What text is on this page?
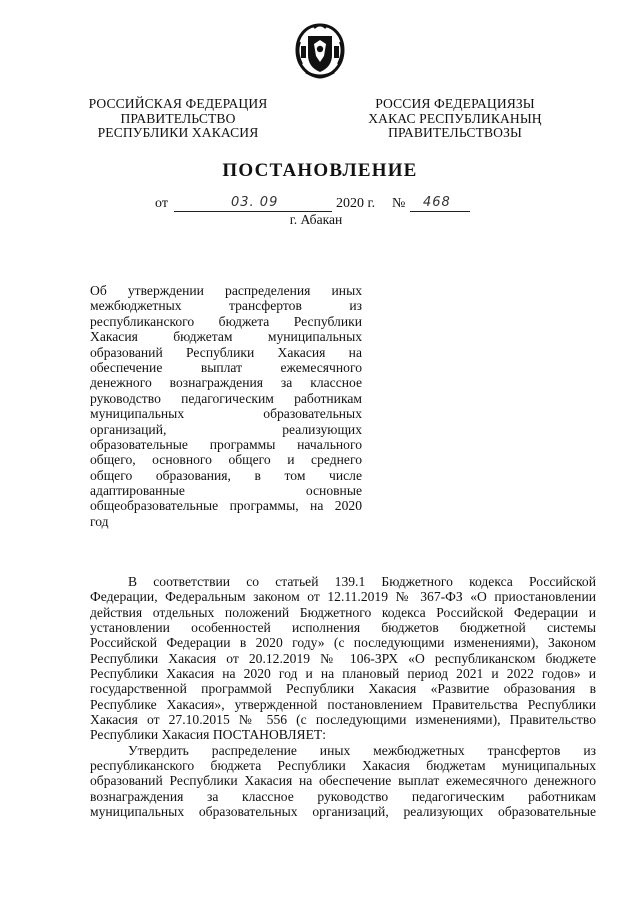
РОССИЙСКАЯ ФЕДЕРАЦИЯ
ПРАВИТЕЛЬСТВО
РЕСПУБЛИКИ ХАКАСИЯ
РОССИЯ ФЕДЕРАЦИЯЗЫ
ХАКАС РЕСПУБЛИКАНЫҢ
ПРАВИТЕЛЬСТВОЗЫ
ПОСТАНОВЛЕНИЕ
от	03. 09	2020 г. № 468
г. Абакан
Об утверждении распределения иных
межбюджетных трансфертов из
республиканского бюджета Республики
Хакасия бюджетам муниципальных
образований Республики Хакасия на
обеспечение выплат ежемесячного
денежного вознаграждения за классное
руководство педагогическим работникам
муниципальных образовательных
организаций, реализующих
образовательные программы начального
общего, основного общего и среднего
общего образования, в том числе
адаптированные основные
общеобразовательные программы, на 2020
год
В соответствии со статьей 139.1 Бюджетного кодекса Российской
Федерации, Федеральным законом от 12.11.2019 № 367-ФЗ «О приостановлении
действия отдельных положений Бюджетного кодекса Российской Федерации и
установлении особенностей исполнения бюджетов бюджетной системы
Российской Федерации в 2020 году» (с последующими изменениями), Законом
Республики Хакасия от 20.12.2019 № 106-ЗРХ «О республиканском бюджете
Республики Хакасия на 2020 год и на плановый период 2021 и 2022 годов» и
государственной программой Республики Хакасия «Развитие образования в
Республике Хакасия», утвержденной постановлением Правительства Республики
Хакасия от 27.10.2015 № 556 (с последующими изменениями), Правительство
Республики Хакасия ПОСТАНОВЛЯЕТ:
Утвердить распределение иных межбюджетных трансфертов из
республиканского бюджета Республики Хакасия бюджетам муниципальных
образований Республики Хакасия на обеспечение выплат ежемесячного денежного
вознаграждения за классное руководство педагогическим работникам
муниципальных образовательных организаций, реализующих образовательные
